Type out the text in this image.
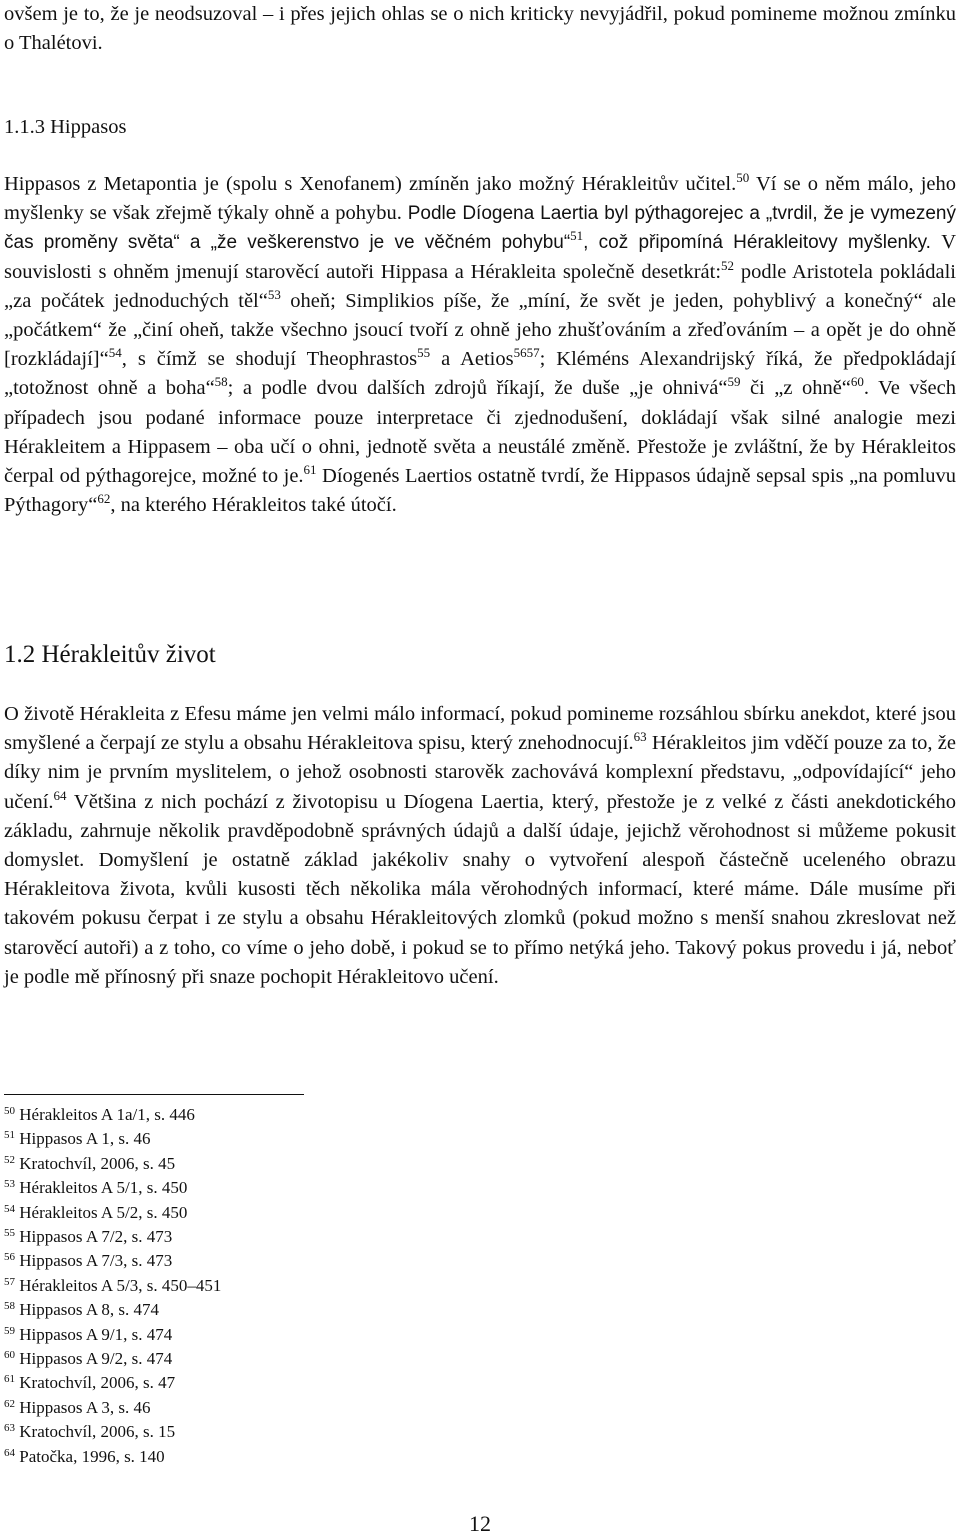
ovšem je to, že je neodsuzoval – i přes jejich ohlas se o nich kriticky nevyjádřil, pokud pomineme možnou zmínku o Thalétovi.

1.1.3 Hippasos

Hippasos z Metapontia je (spolu s Xenofanem) zmíněn jako možný Hérakleitův učitel.$^{50}$ Ví se o něm málo, jeho myšlenky se však zřejmě týkaly ohně a pohybu. Podle Díogena Laertia byl pýthagorejec a „tvrdil, že je vymezený čas proměny světa“ a „že veškerenstvo je ve věčném pohybu“$^{51}$, což připomíná Hérakleitovy myšlenky. V souvislosti s ohněm jmenují starověcí autoři Hippasa a Hérakleita společně desetkrát:$^{52}$ podle Aristotela pokládali „za počátek jednoduchých těl“$^{53}$ oheň; Simplikios píše, že „míní, že svět je jeden, pohyblivý a konečný“ ale „počátkem“ že „činí oheň, takže všechno jsoucí tvoří z ohně jeho zhušťováním a zřeďováním – a opět je do ohně [rozkládají]“$^{54}$, s čímž se shodují Theophrastos$^{55}$ a Aetios$^{5657}$; Kléméns Alexandrijský říká, že předpokládají „totožnost ohně a boha“$^{58}$; a podle dvou dalších zdrojů říkají, že duše „je ohnivá“$^{59}$ či „z ohně“$^{60}$. Ve všech případech jsou podané informace pouze interpretace či zjednodušení, dokládají však silné analogie mezi Hérakleitem a Hippasem – oba učí o ohni, jednotě světa a neustálé změně. Přestože je zvláštní, že by Hérakleitos čerpal od pýthagorejce, možné to je.$^{61}$ Díogenés Laertios ostatně tvrdí, že Hippasos údajně sepsal spis „na pomluvu Pýthagory“$^{62}$, na kterého Hérakleitos také útočí.

1.2 Hérakleitův život

O životě Hérakleita z Efesu máme jen velmi málo informací, pokud pomineme rozsáhlou sbírku anekdot, které jsou smyšlené a čerpají ze stylu a obsahu Hérakleitova spisu, který znehodnocují.$^{63}$ Hérakleitos jim vděčí pouze za to, že díky nim je prvním myslitelem, o jehož osobnosti starověk zachovává komplexní představu, „odpovídající“ jeho učení.$^{64}$ Většina z nich pochází z životopisu u Díogena Laertia, který, přestože je z velké z části anekdotického základu, zahrnuje několik pravděpodobně správných údajů a další údaje, jejichž věrohodnost si můžeme pokusit domyslet. Domyšlení je ostatně základ jakékoliv snahy o vytvoření alespoň částečně uceleného obrazu Hérakleitova života, kvůli kusosti těch několika mála věrohodných informací, které máme. Dále musíme při takovém pokusu čerpat i ze stylu a obsahu Hérakleitových zlomků (pokud možno s menší snahou zkreslovat než starověcí autoři) a z toho, co víme o jeho době, i pokud se to přímo netýká jeho. Takový pokus provedu i já, neboť je podle mě přínosný při snaze pochopit Hérakleitovo učení.

$^{50}$ Hérakleitos A 1a/1, s. 446

$^{51}$ Hippasos A 1, s. 46

$^{52}$ Kratochvíl, 2006, s. 45

$^{53}$ Hérakleitos A 5/1, s. 450

$^{54}$ Hérakleitos A 5/2, s. 450

$^{55}$ Hippasos A 7/2, s. 473

$^{56}$ Hippasos A 7/3, s. 473

$^{57}$ Hérakleitos A 5/3, s. 450–451

$^{58}$ Hippasos A 8, s. 474

$^{59}$ Hippasos A 9/1, s. 474

$^{60}$ Hippasos A 9/2, s. 474

$^{61}$ Kratochvíl, 2006, s. 47

$^{62}$ Hippasos A 3, s. 46

$^{63}$ Kratochvíl, 2006, s. 15

$^{64}$ Patočka, 1996, s. 140

12
